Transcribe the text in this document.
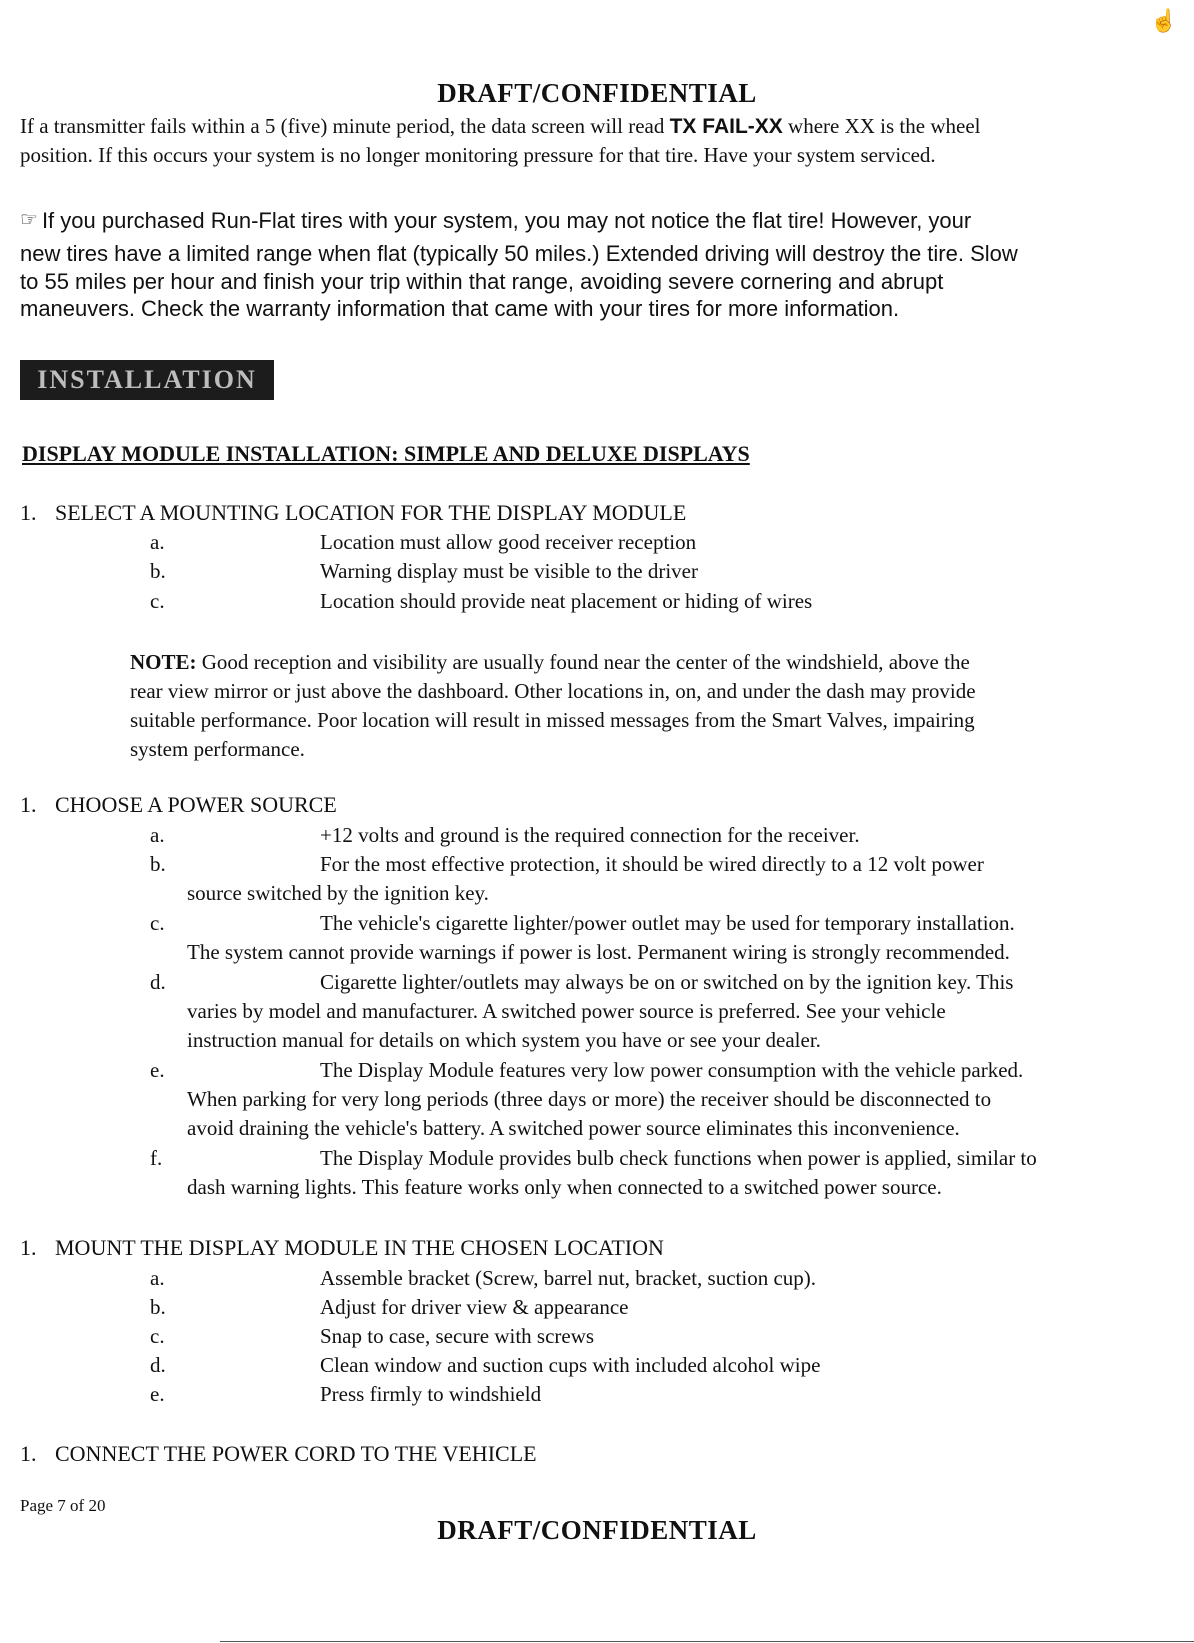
☝
DRAFT/CONFIDENTIAL
If a transmitter fails within a 5 (five) minute period, the data screen will read TX FAIL-XX where XX is the wheel
position. If this occurs your system is no longer monitoring pressure for that tire. Have your system serviced.
☞ If you purchased Run-Flat tires with your system, you may not notice the flat tire! However, your
new tires have a limited range when flat (typically 50 miles.) Extended driving will destroy the tire. Slow
to 55 miles per hour and finish your trip within that range, avoiding severe cornering and abrupt
maneuvers. Check the warranty information that came with your tires for more information.
INSTALLATION
DISPLAY MODULE INSTALLATION: SIMPLE AND DELUXE DISPLAYS
1. SELECT A MOUNTING LOCATION FOR THE DISPLAY MODULE
a.	Location must allow good receiver reception
b.	Warning display must be visible to the driver
c.	Location should provide neat placement or hiding of wires
NOTE: Good reception and visibility are usually found near the center of the windshield, above the
rear view mirror or just above the dashboard. Other locations in, on, and under the dash may provide
suitable performance. Poor location will result in missed messages from the Smart Valves, impairing
system performance.
1. CHOOSE A POWER SOURCE
a.	+12 volts and ground is the required connection for the receiver.
b.	For the most effective protection, it should be wired directly to a 12 volt power
source switched by the ignition key.
c.	The vehicle's cigarette lighter/power outlet may be used for temporary installation.
The system cannot provide warnings if power is lost. Permanent wiring is strongly recommended.
d.	Cigarette lighter/outlets may always be on or switched on by the ignition key. This
varies by model and manufacturer. A switched power source is preferred. See your vehicle
instruction manual for details on which system you have or see your dealer.
e.	The Display Module features very low power consumption with the vehicle parked.
When parking for very long periods (three days or more) the receiver should be disconnected to
avoid draining the vehicle's battery. A switched power source eliminates this inconvenience.
f.	The Display Module provides bulb check functions when power is applied, similar to
dash warning lights. This feature works only when connected to a switched power source.
1. MOUNT THE DISPLAY MODULE IN THE CHOSEN LOCATION
a.	Assemble bracket (Screw, barrel nut, bracket, suction cup).
b.	Adjust for driver view & appearance
c.	Snap to case, secure with screws
d.	Clean window and suction cups with included alcohol wipe
e.	Press firmly to windshield
1. CONNECT THE POWER CORD TO THE VEHICLE
Page 7 of 20
DRAFT/CONFIDENTIAL
